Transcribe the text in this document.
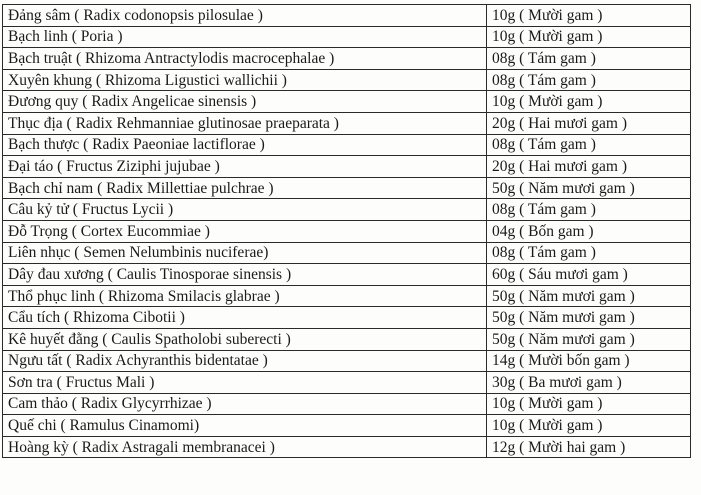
Đảng sâm ( Radix codonopsis pilosulae )	10g ( Mười gam )
Bạch linh ( Poria )	10g ( Mười gam )
Bạch truật ( Rhizoma Antractylodis macrocephalae )	08g ( Tám gam )
Xuyên khung ( Rhizoma Ligustici wallichii )	08g ( Tám gam )
Đương quy ( Radix Angelicae sinensis )	10g ( Mười gam )
Thục địa ( Radix Rehmanniae glutinosae praeparata )	20g ( Hai mươi gam )
Bạch thược ( Radix Paeoniae lactiflorae )	08g ( Tám gam )
Đại táo ( Fructus Ziziphi jujubae )	20g ( Hai mươi gam )
Bạch chỉ nam ( Radix Millettiae pulchrae )	50g ( Năm mươi gam )
Câu kỷ tử ( Fructus Lycii )	08g ( Tám gam )
Đỗ Trọng ( Cortex Eucommiae )	04g ( Bốn gam )
Liên nhục ( Semen Nelumbinis nuciferae)	08g ( Tám gam )
Dây đau xương ( Caulis Tinosporae sinensis )	60g ( Sáu mươi gam )
Thổ phục linh ( Rhizoma Smilacis glabrae )	50g ( Năm mươi gam )
Cẩu tích ( Rhizoma Cibotii )	50g ( Năm mươi gam )
Kê huyết đằng ( Caulis Spatholobi suberecti )	50g ( Năm mươi gam )
Ngưu tất ( Radix Achyranthis bidentatae )	14g ( Mười bốn gam )
Sơn tra ( Fructus Mali )	30g ( Ba mươi gam )
Cam thảo ( Radix Glycyrrhizae )	10g ( Mười gam )
Quế chi ( Ramulus Cinamomi)	10g ( Mười gam )
Hoàng kỳ ( Radix Astragali membranacei )	12g ( Mười hai gam )
